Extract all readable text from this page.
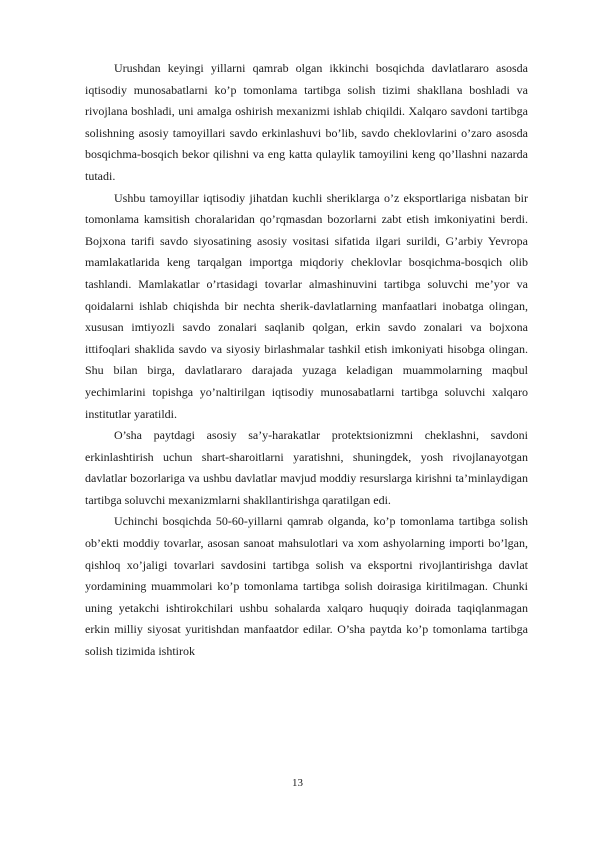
Urushdan keyingi yillarni qamrab olgan ikkinchi bosqichda davlatlararo asosda iqtisodiy munosabatlarni ko’p tomonlama tartibga solish tizimi shakllana boshladi va rivojlana boshladi, uni amalga oshirish mexanizmi ishlab chiqildi. Xalqaro savdoni tartibga solishning asosiy tamoyillari savdo erkinlashuvi bo’lib, savdo cheklovlarini o’zaro asosda bosqichma-bosqich bekor qilishni va eng katta qulaylik tamoyilini keng qo’llashni nazarda tutadi.

Ushbu tamoyillar iqtisodiy jihatdan kuchli sheriklarga o’z eksportlariga nisbatan bir tomonlama kamsitish choralaridan qo’rqmasdan bozorlarni zabt etish imkoniyatini berdi. Bojxona tarifi savdo siyosatining asosiy vositasi sifatida ilgari surildi, G’arbiy Yevropa mamlakatlarida keng tarqalgan importga miqdoriy cheklovlar bosqichma-bosqich olib tashlandi. Mamlakatlar o’rtasidagi tovarlar almashinuvini tartibga soluvchi me’yor va qoidalarni ishlab chiqishda bir nechta sherik-davlatlarning manfaatlari inobatga olingan, xususan imtiyozli savdo zonalari saqlanib qolgan, erkin savdo zonalari va bojxona ittifoqlari shaklida savdo va siyosiy birlashmalar tashkil etish imkoniyati hisobga olingan. Shu bilan birga, davlatlararo darajada yuzaga keladigan muammolarning maqbul yechimlarini topishga yo’naltirilgan iqtisodiy munosabatlarni tartibga soluvchi xalqaro institutlar yaratildi.

O’sha paytdagi asosiy sa’y-harakatlar protektsionizmni cheklashni, savdoni erkinlashtirish uchun shart-sharoitlarni yaratishni, shuningdek, yosh rivojlanayotgan davlatlar bozorlariga va ushbu davlatlar mavjud moddiy resurslarga kirishni ta’minlaydigan tartibga soluvchi mexanizmlarni shakllantirishga qaratilgan edi.

Uchinchi bosqichda 50-60-yillarni qamrab olganda, ko’p tomonlama tartibga solish ob’ekti moddiy tovarlar, asosan sanoat mahsulotlari va xom ashyolarning importi bo’lgan, qishloq xo’jaligi tovarlari savdosini tartibga solish va eksportni rivojlantirishga davlat yordamining muammolari ko’p tomonlama tartibga solish doirasiga kiritilmagan. Chunki uning yetakchi ishtirokchilari ushbu sohalarda xalqaro huquqiy doirada taqiqlanmagan erkin milliy siyosat yuritishdan manfaatdor edilar. O’sha paytda ko’p tomonlama tartibga solish tizimida ishtirok

13
